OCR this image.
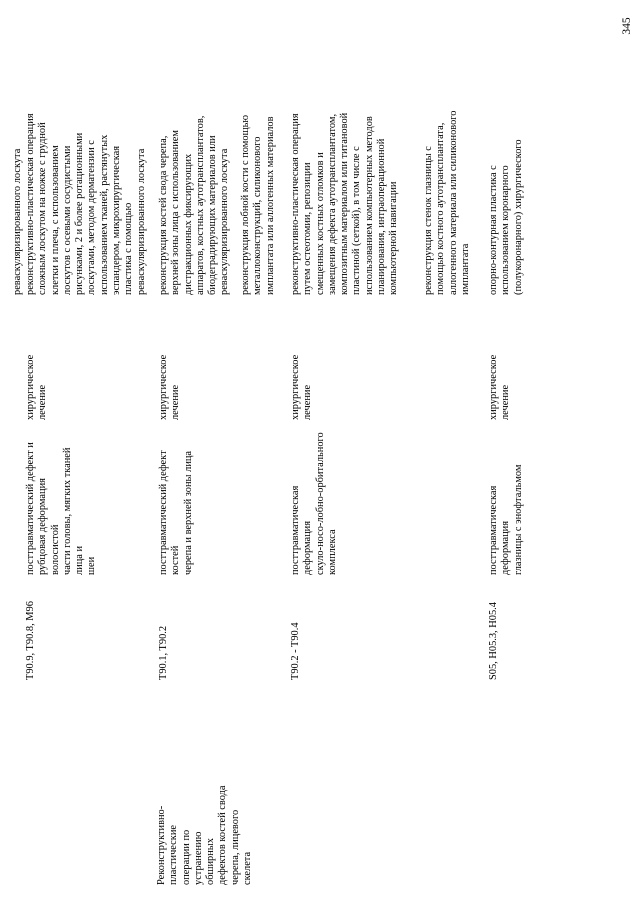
345
реваскуляризированного лоскута
T90.9, T90.8, M96
посттравматический дефект и
рубцовая деформация волосистой
части головы, мягких тканей лица и
шеи
хирургическое
лечение
реконструктивно-пластическая операция
сложным лоскутом на ножке с грудной
клетки и плеча, с использованием
лоскутов с осевыми сосудистыми
рисунками, 2 и более ротационными
лоскутами, методом дерматензии с
использованием тканей, растянутых
эспандером, микрохирургическая
пластика с помощью
реваскуляризированного лоскута
Реконструктивно-
пластические операции по
устранению обширных
дефектов костей свода
черепа, лицевого скелета
T90.1, T90.2
посттравматический дефект костей
черепа и верхней зоны лица
хирургическое
лечение
реконструкция костей свода черепа,
верхней зоны лица с использованием
дистракционных фиксирующих
аппаратов, костных аутотрансплантатов,
биодеградирующих материалов или
реваскуляризированного лоскута
реконструкция лобной кости с помощью
металлоконструкций, силиконового
имплантата или аллогенных материалов
T90.2 - T90.4
посттравматическая деформация
скуло-носо-лобно-орбитального
комплекса
хирургическое
лечение
реконструктивно-пластическая операция
путем остеотомии, репозиции
смещенных костных отломков и
замещения дефекта аутотрансплантатом,
композитным материалом или титановой
пластиной (сеткой), в том числе с
использованием компьютерных методов
планирования, интраоперационной
компьютерной навигации
реконструкция стенок глазницы с
помощью костного аутотрансплантата,
аллогенного материала или силиконового
имплантата
S05, H05.3, H05.4
посттравматическая деформация
глазницы с энофтальмом
хирургическое
лечение
опорно-контурная пластика с
использованием коронарного
(полукоронарного) хирургического
